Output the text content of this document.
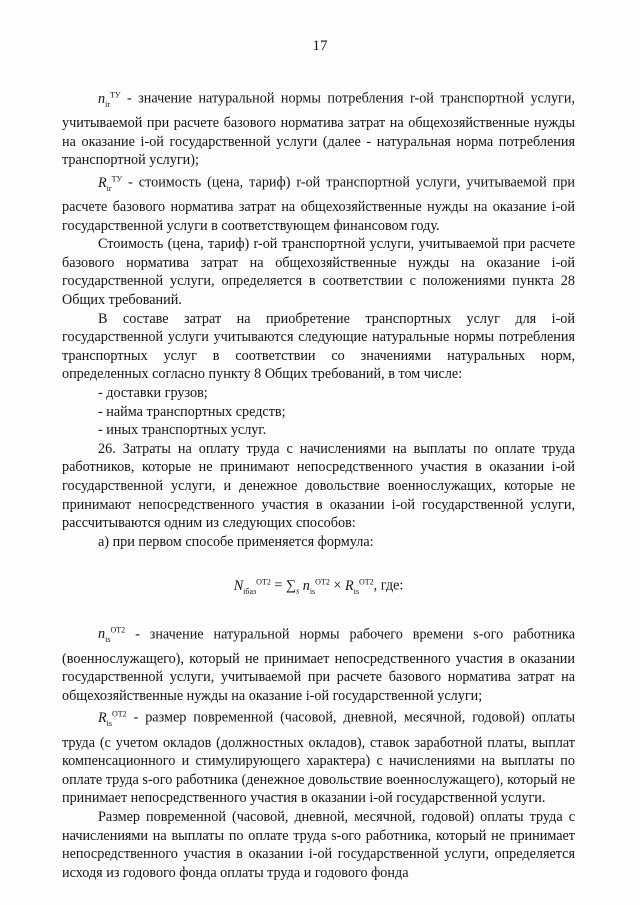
17

$n_{ir}^{ТУ}$ - значение натуральной нормы потребления r-ой транспортной услуги, учитываемой при расчете базового норматива затрат на общехозяйственные нужды на оказание i-ой государственной услуги (далее - натуральная норма потребления транспортной услуги);

$R_{ir}^{ТУ}$ - стоимость (цена, тариф) r-ой транспортной услуги, учитываемой при расчете базового норматива затрат на общехозяйственные нужды на оказание i-ой государственной услуги в соответствующем финансовом году.

Стоимость (цена, тариф) r-ой транспортной услуги, учитываемой при расчете базового норматива затрат на общехозяйственные нужды на оказание i-ой государственной услуги, определяется в соответствии с положениями пункта 28 Общих требований.

В составе затрат на приобретение транспортных услуг для i-ой государственной услуги учитываются следующие натуральные нормы потребления транспортных услуг в соответствии со значениями натуральных норм, определенных согласно пункту 8 Общих требований, в том числе:

- доставки грузов;

- найма транспортных средств;

- иных транспортных услуг.

26. Затраты на оплату труда с начислениями на выплаты по оплате труда работников, которые не принимают непосредственного участия в оказании i-ой государственной услуги, и денежное довольствие военнослужащих, которые не принимают непосредственного участия в оказании i-ой государственной услуги, рассчитываются одним из следующих способов:

а) при первом способе применяется формула:

$N_{iбаз}^{ОТ2} = \sum_s$ $n_{is}^{ОТ2} \times R_{is}^{ОТ2}$, где:

$n_{is}^{ОТ2}$ - значение натуральной нормы рабочего времени s-ого работника (военнослужащего), который не принимает непосредственного участия в оказании государственной услуги, учитываемой при расчете базового норматива затрат на общехозяйственные нужды на оказание i-ой государственной услуги;

$R_{is}^{ОТ2}$ - размер повременной (часовой, дневной, месячной, годовой) оплаты труда (с учетом окладов (должностных окладов), ставок заработной платы, выплат компенсационного и стимулирующего характера) с начислениями на выплаты по оплате труда s-ого работника (денежное довольствие военнослужащего), который не принимает непосредственного участия в оказании i-ой государственной услуги.

Размер повременной (часовой, дневной, месячной, годовой) оплаты труда с начислениями на выплаты по оплате труда s-ого работника, который не принимает непосредственного участия в оказании i-ой государственной услуги, определяется исходя из годового фонда оплаты труда и годового фонда
